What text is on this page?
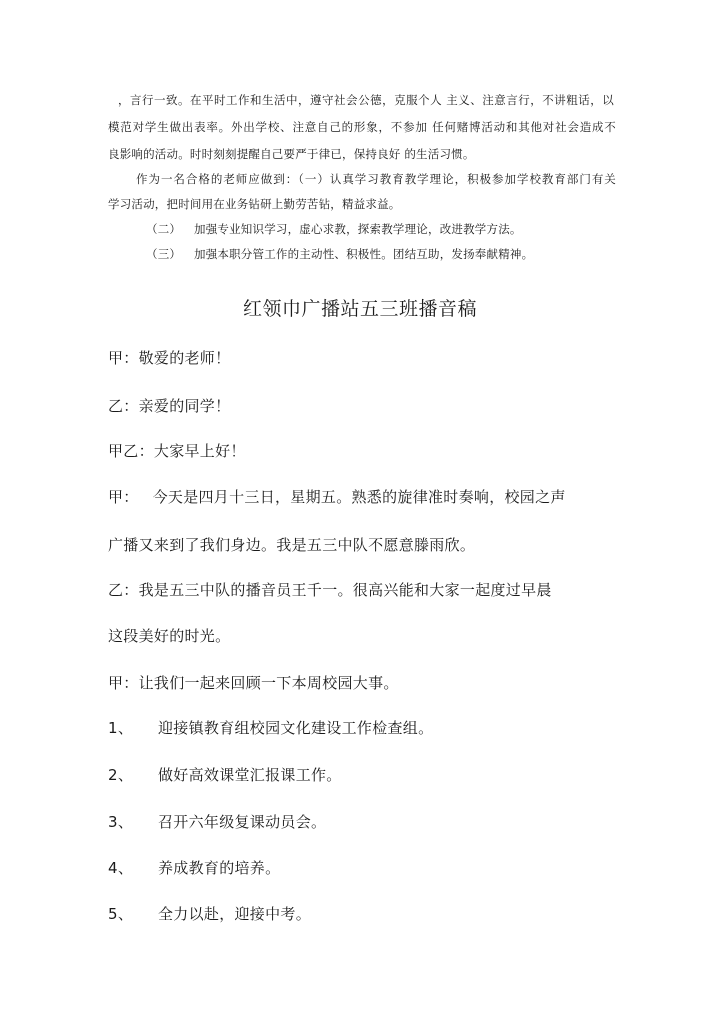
，言行一致。在平时工作和生活中，遵守社会公德，克服个人 主义、注意言行，不讲粗话，以
模范对学生做出表率。外出学校、注意自己的形象，不参加 任何赌博活动和其他对社会造成不
良影响的活动。时时刻刻提醒自己要严于律已，保持良好 的生活习惯。
作为一名合格的老师应做到：（一）认真学习教育教学理论，积极参加学校教育部门有关
学习活动，把时间用在业务钻研上勤劳苦钻，精益求益。
（二） 加强专业知识学习，虚心求教，探索教学理论，改进教学方法。
（三） 加强本职分管工作的主动性、积极性。团结互助，发扬奉献精神。
红领巾广播站五三班播音稿
甲：敬爱的老师！
乙：亲爱的同学！
甲乙：大家早上好！
甲： 今天是四月十三日，星期五。熟悉的旋律准时奏响，校园之声
广播又来到了我们身边。我是五三中队不愿意滕雨欣。
乙：我是五三中队的播音员王千一。很高兴能和大家一起度过早晨
这段美好的时光。
甲：让我们一起来回顾一下本周校园大事。
1、 迎接镇教育组校园文化建设工作检查组。
2、 做好高效课堂汇报课工作。
3、 召开六年级复课动员会。
4、 养成教育的培养。
5、 全力以赴，迎接中考。
